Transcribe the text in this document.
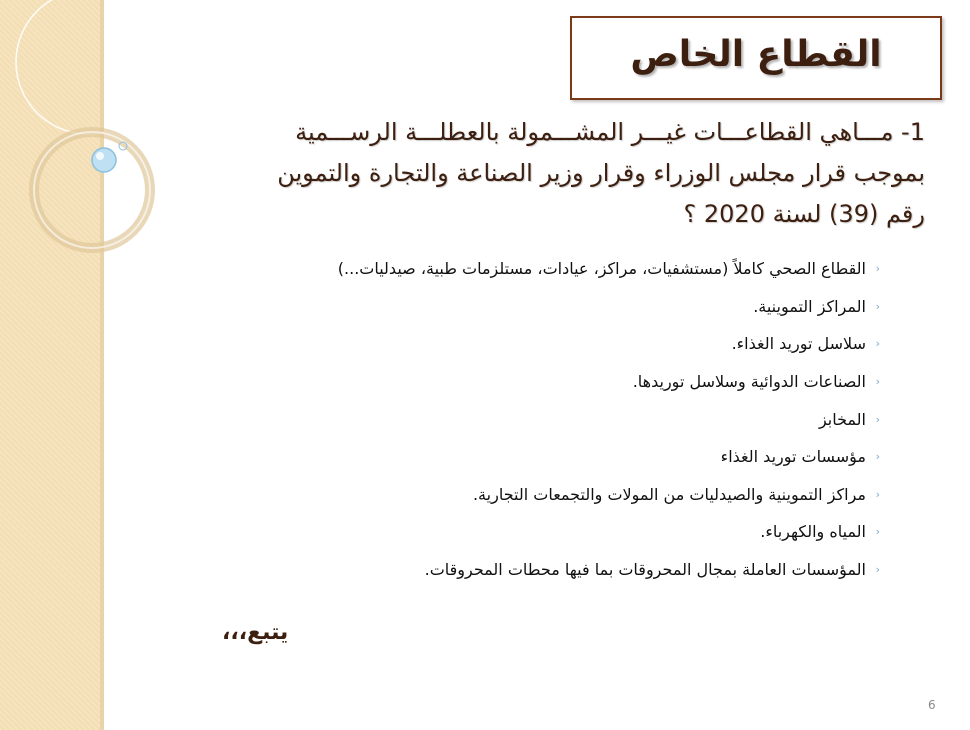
القطاع الخاص
1- مـــاهي القطاعـــات غيـــر المشـــمولة بالعطلـــة الرســـمية
بموجب قرار مجلس الوزراء وقرار وزير الصناعة والتجارة والتموين
رقم (39) لسنة 2020 ؟
‹
القطاع الصحي كاملاً (مستشفيات، مراكز، عيادات، مستلزمات طبية، صيدليات...)
‹
المراكز التموينية.
‹
سلاسل توريد الغذاء.
‹
الصناعات الدوائية وسلاسل توريدها.
‹
المخابز
‹
مؤسسات توريد الغذاء
‹
مراكز التموينية والصيدليات من المولات والتجمعات التجارية.
‹
المياه والكهرباء.
‹
المؤسسات العاملة بمجال المحروقات بما فيها محطات المحروقات.
يتبع،،،
6
